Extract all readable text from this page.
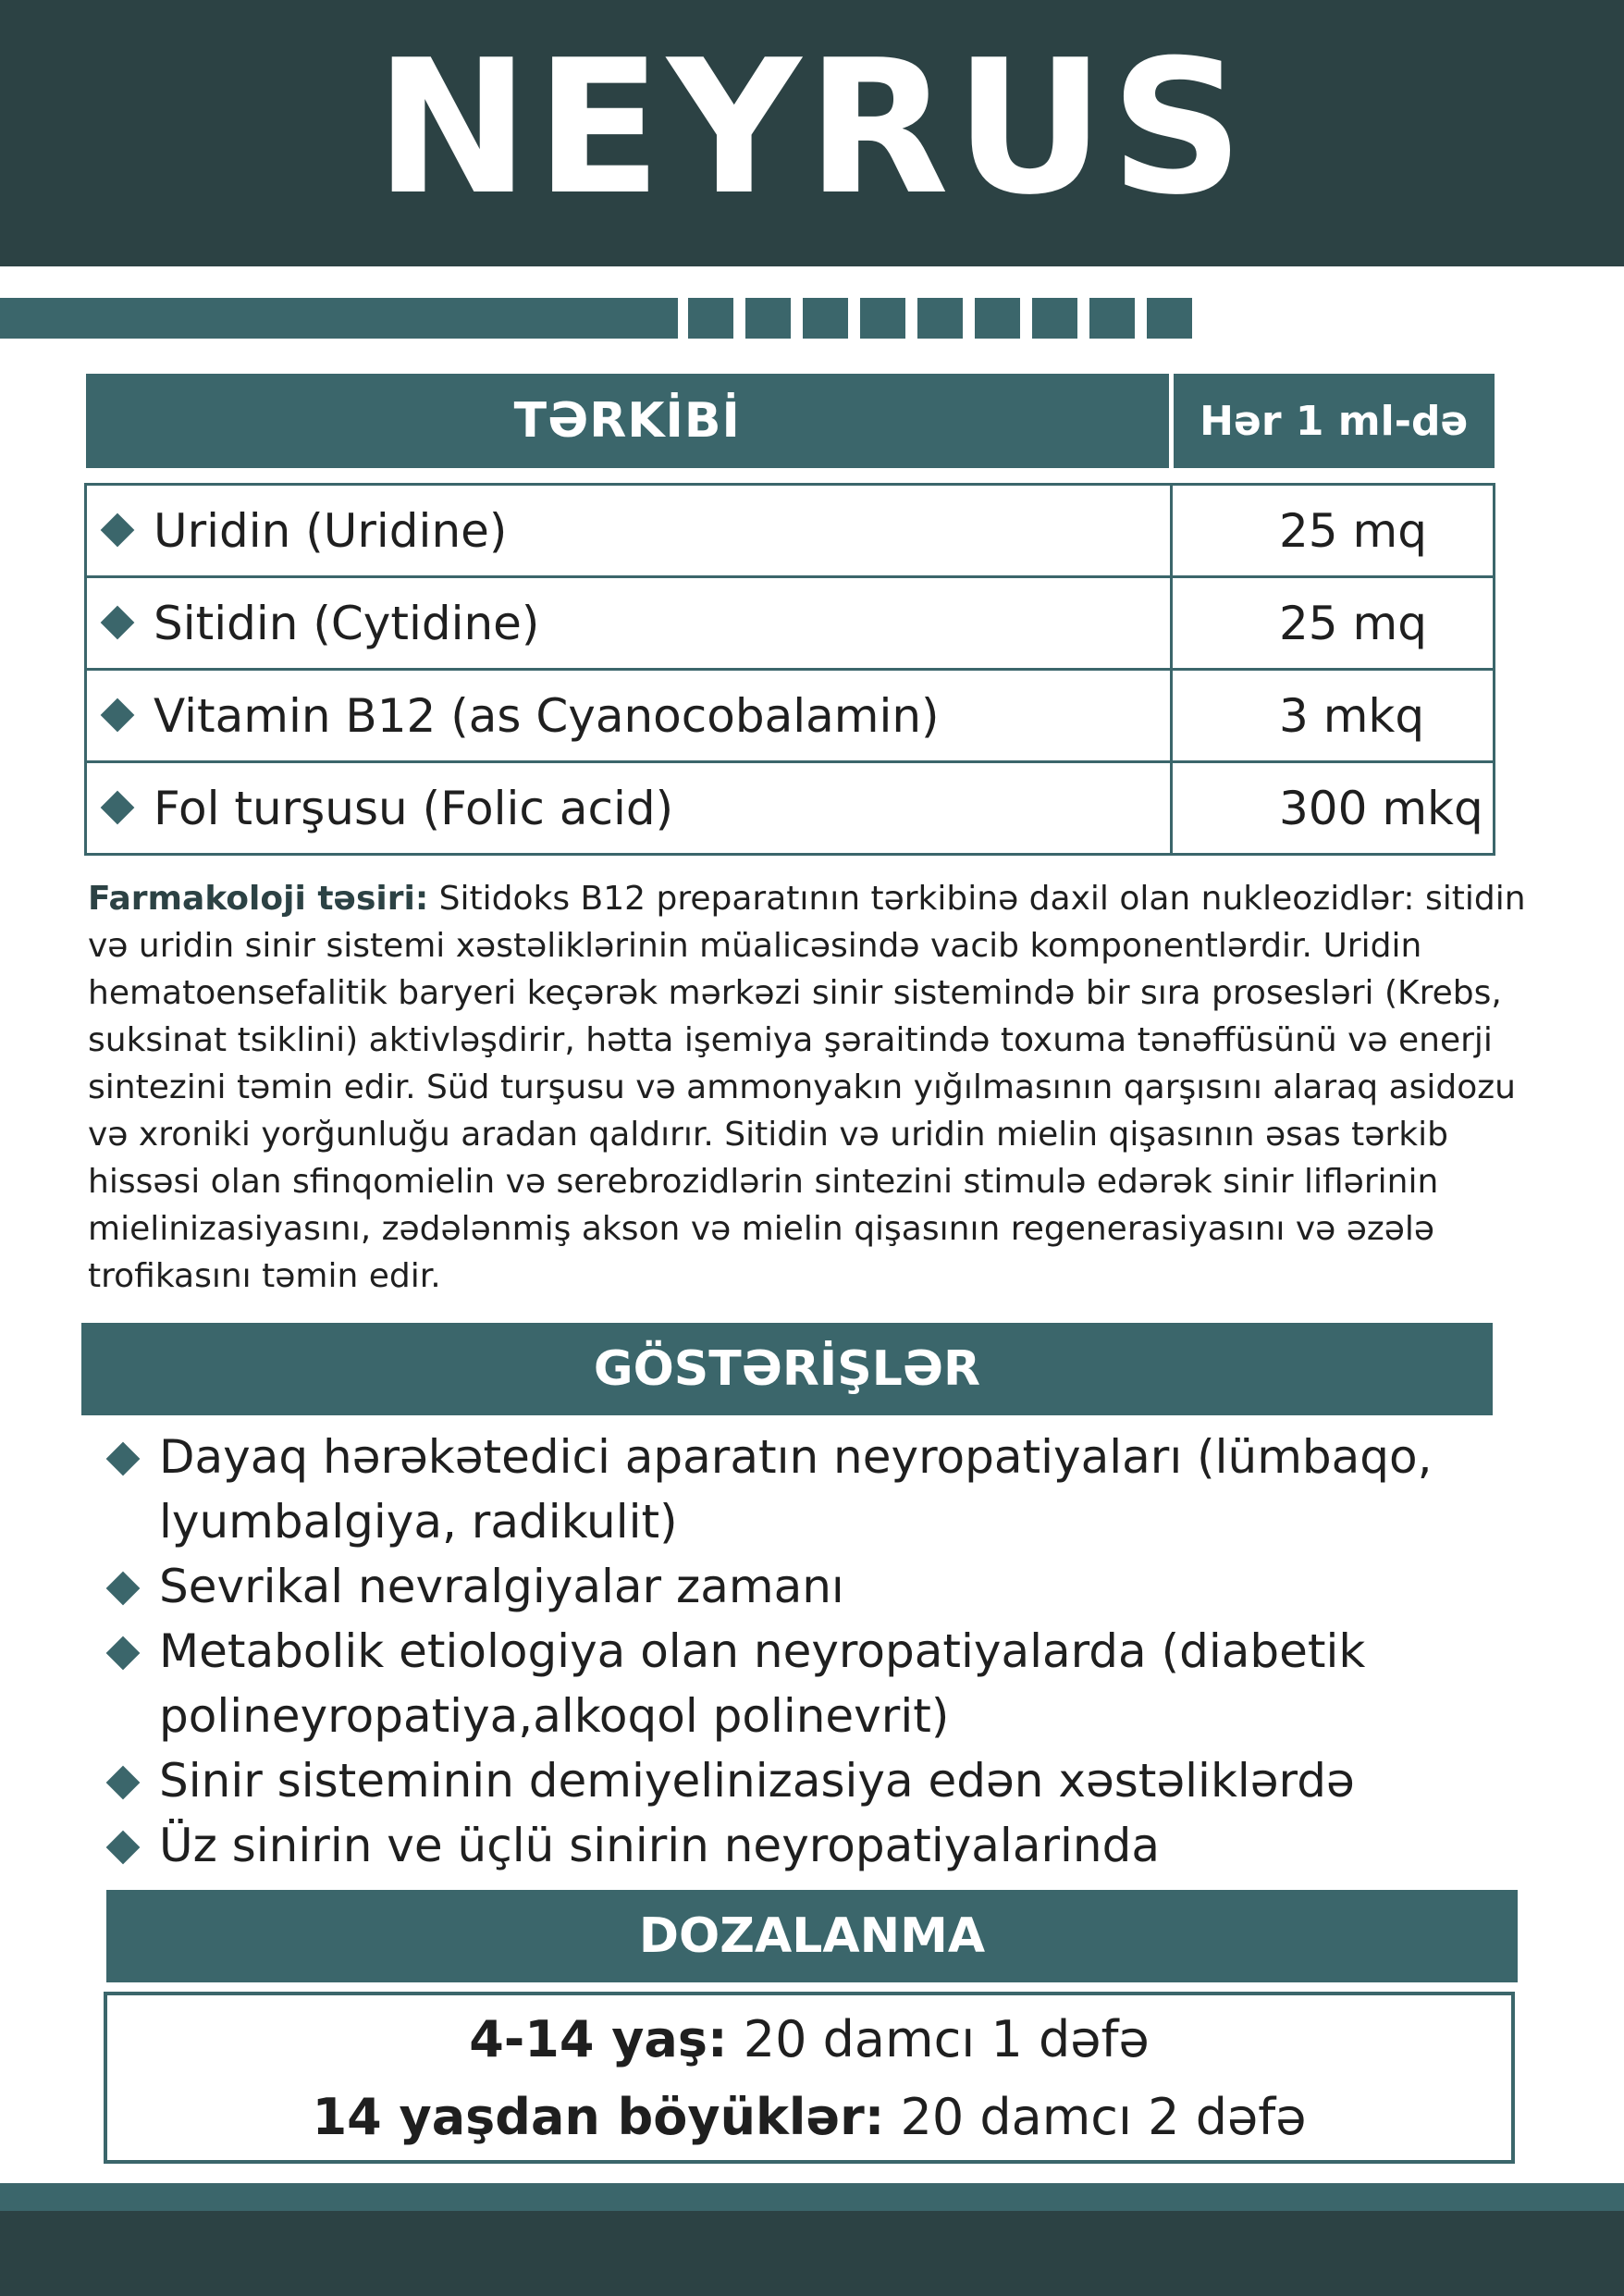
NEYRUS
TƏRKİBİ	Hər 1 ml-də

Uridin (Uridine)	25 mq
Sitidin (Cytidine)	25 mq
Vitamin B12 (as Cyanocobalamin)	3 mkq
Fol turşusu (Folic acid)	300 mkq

Farmakoloji təsiri: Sitidoks B12 preparatının tərkibinə daxil olan nukleozidlər: sitidin və uridin sinir sistemi xəstəliklərinin müalicəsində vacib komponentlərdir. Uridin hematoensefalitik baryeri keçərək mərkəzi sinir sistemində bir sıra prosesləri (Krebs, suksinat tsiklini) aktivləşdirir, hətta işemiya şəraitində toxuma tənəffüsünü və enerji sintezini təmin edir. Süd turşusu və ammonyakın yığılmasının qarşısını alaraq asidozu və xroniki yorğunluğu aradan qaldırır. Sitidin və uridin mielin qişasının əsas tərkib hissəsi olan sfinqomielin və serebrozidlərin sintezini stimulə edərək sinir liflərinin mielinizasiyasını, zədələnmiş akson və mielin qişasının regenerasiyasını və əzələ trofikasını təmin edir.

GÖSTƏRİŞLƏR
Dayaq hərəkətedici aparatın neyropatiyaları (lümbaqo, lyumbalgiya, radikulit)
Sevrikal nevralgiyalar zamanı
Metabolik etiologiya olan neyropatiyalarda (diabetik polineyropatiya,alkoqol polinevrit)
Sinir sisteminin demiyelinizasiya edən xəstəliklərdə
Üz sinirin ve üçlü sinirin neyropatiyalarinda
DOZALANMA
4-14 yaş: 20 damcı 1 dəfə
14 yaşdan böyüklər: 20 damcı 2 dəfə
